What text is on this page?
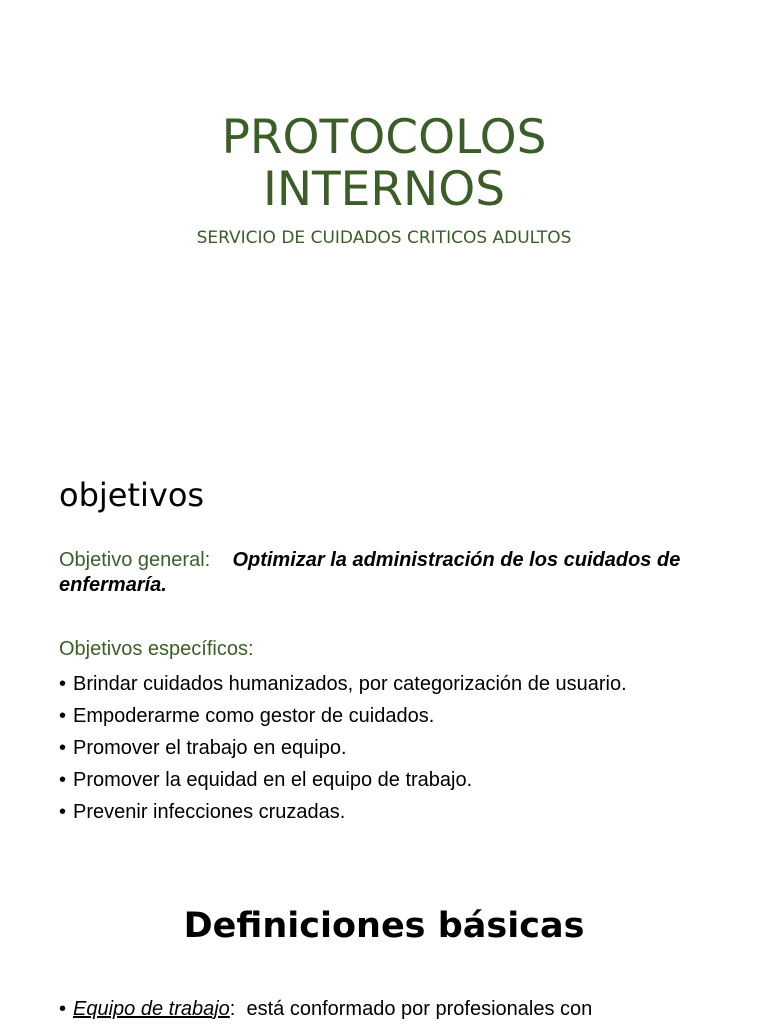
PROTOCOLOS
INTERNOS

SERVICIO DE CUIDADOS CRITICOS ADULTOS

objetivos

Objetivo general: Optimizar la administración de los cuidados de enfermaría.

Objetivos específicos:

• Brindar cuidados humanizados, por categorización de usuario.
• Empoderarme como gestor de cuidados.
• Promover el trabajo en equipo.
• Promover la equidad en el equipo de trabajo.
• Prevenir infecciones cruzadas.
Definiciones básicas
• Equipo de trabajo: está conformado por profesionales con
